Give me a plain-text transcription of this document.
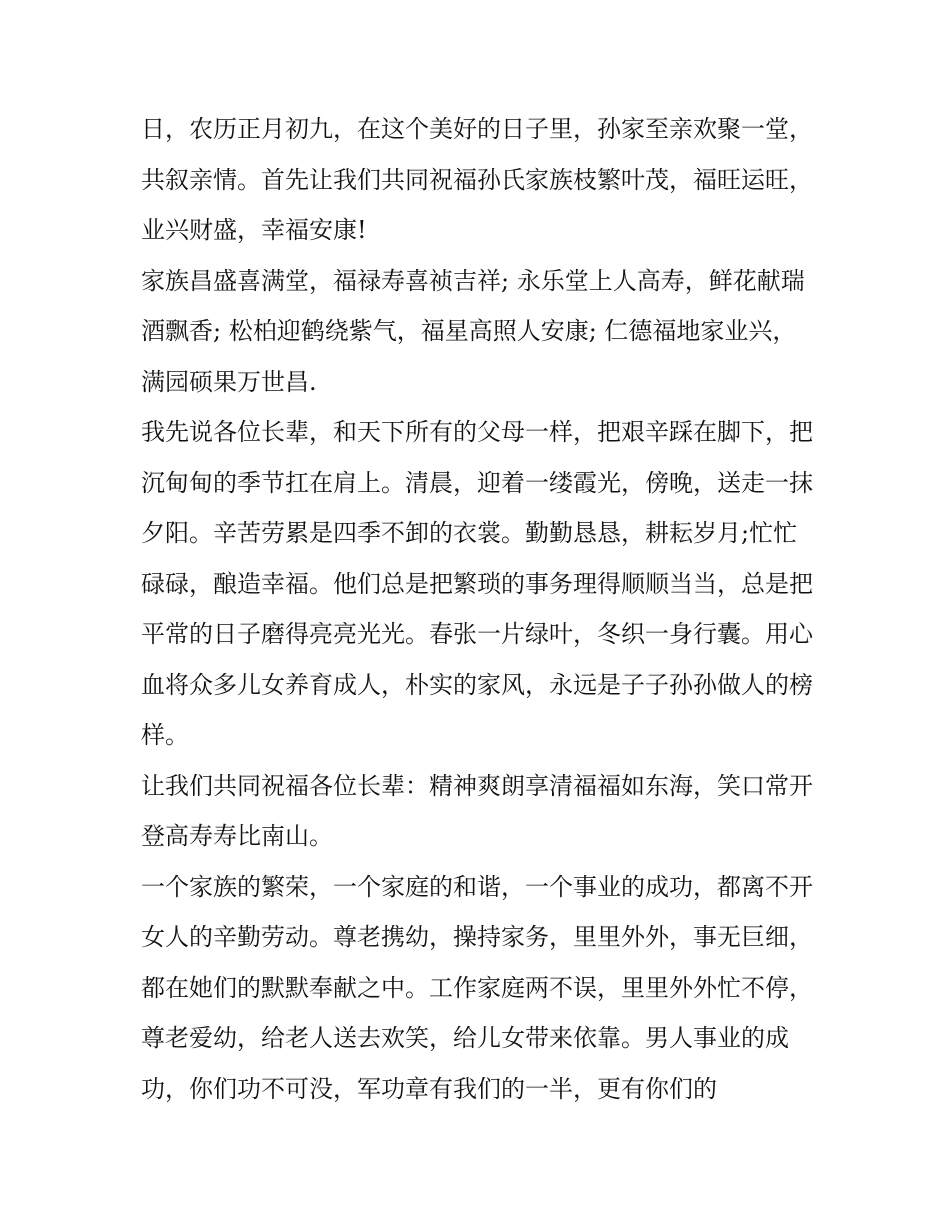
日，农历正月初九，在这个美好的日子里，孙家至亲欢聚一堂，共叙亲情。首先让我们共同祝福孙氏家族枝繁叶茂，福旺运旺，业兴财盛，幸福安康!

家族昌盛喜满堂，福禄寿喜祯吉祥; 永乐堂上人高寿，鲜花献瑞酒飘香; 松柏迎鹤绕紫气，福星高照人安康; 仁德福地家业兴，满园硕果万世昌.

我先说各位长辈，和天下所有的父母一样，把艰辛踩在脚下，把沉甸甸的季节扛在肩上。清晨，迎着一缕霞光，傍晚，送走一抹夕阳。辛苦劳累是四季不卸的衣裳。勤勤恳恳，耕耘岁月;忙忙碌碌，酿造幸福。他们总是把繁琐的事务理得顺顺当当，总是把平常的日子磨得亮亮光光。春张一片绿叶，冬织一身行囊。用心血将众多儿女养育成人，朴实的家风，永远是子子孙孙做人的榜样。

让我们共同祝福各位长辈：精神爽朗享清福福如东海，笑口常开登高寿寿比南山。

一个家族的繁荣，一个家庭的和谐，一个事业的成功，都离不开女人的辛勤劳动。尊老携幼，操持家务，里里外外，事无巨细，都在她们的默默奉献之中。工作家庭两不误，里里外外忙不停，尊老爱幼，给老人送去欢笑，给儿女带来依靠。男人事业的成功，你们功不可没，军功章有我们的一半，更有你们的
